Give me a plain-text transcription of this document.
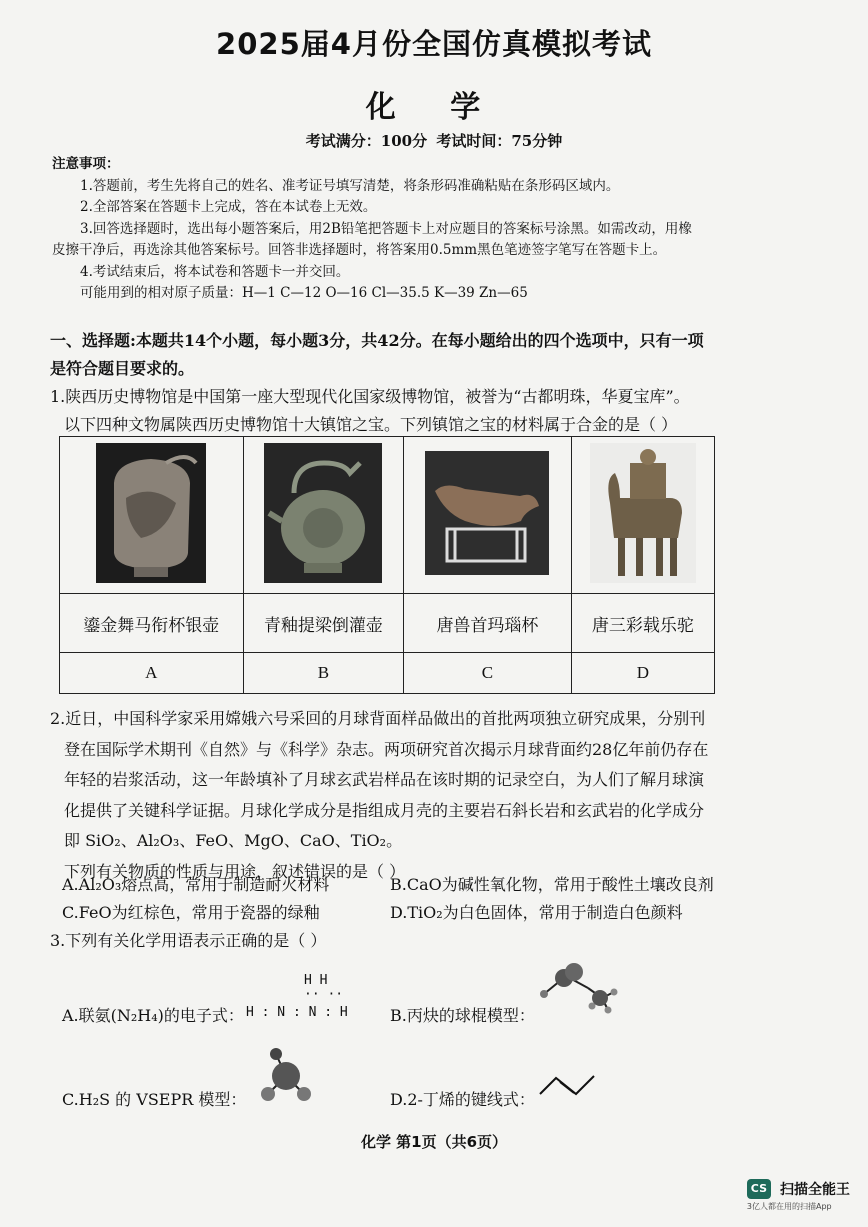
2025届4月份全国仿真模拟考试
化 学
考试满分：100分 考试时间：75分钟
注意事项：
1.答题前，考生先将自己的姓名、准考证号填写清楚，将条形码准确粘贴在条形码区域内。
2.全部答案在答题卡上完成，答在本试卷上无效。
3.回答选择题时，选出每小题答案后，用2B铅笔把答题卡上对应题目的答案标号涂黑。如需改动，用橡
皮擦干净后，再选涂其他答案标号。回答非选择题时，将答案用0.5mm黑色笔迹签字笔写在答题卡上。
4.考试结束后，将本试卷和答题卡一并交回。
可能用到的相对原子质量：H—1 C—12 O—16 Cl—35.5 K—39 Zn—65
一、选择题:本题共14个小题，每小题3分，共42分。在每小题给出的四个选项中，只有一项
是符合题目要求的。
1.陕西历史博物馆是中国第一座大型现代化国家级博物馆，被誉为“古都明珠，华夏宝库”。
以下四种文物属陕西历史博物馆十大镇馆之宝。下列镇馆之宝的材料属于合金的是（ ）

鎏金舞马衔杯银壶	青釉提梁倒灌壶	唐兽首玛瑙杯	唐三彩载乐驼
A	B	C	D
2.近日，中国科学家采用嫦娥六号采回的月球背面样品做出的首批两项独立研究成果，分别刊
登在国际学术期刊《自然》与《科学》杂志。两项研究首次揭示月球背面约28亿年前仍存在
年轻的岩浆活动，这一年龄填补了月球玄武岩样品在该时期的记录空白，为人们了解月球演
化提供了关键科学证据。月球化学成分是指组成月壳的主要岩石斜长岩和玄武岩的化学成分
即 SiO₂、Al₂O₃、FeO、MgO、CaO、TiO₂。
下列有关物质的性质与用途，叙述错误的是（ ）
A.Al₂O₃熔点高，常用于制造耐火材料	B.CaO为碱性氧化物，常用于酸性土壤改良剂
C.FeO为红棕色，常用于瓷器的绿釉	D.TiO₂为白色固体，常用于制造白色颜料
3.下列有关化学用语表示正确的是（ ）
A.联氨(N₂H₄)的电子式：
H H
·· ··
H : N : N : H	B.丙炔的球棍模型：
C.H₂S 的 VSEPR 模型：	D.2-丁烯的键线式：
化学 第1页（共6页）
CS 扫描全能王
3亿人都在用的扫描App
